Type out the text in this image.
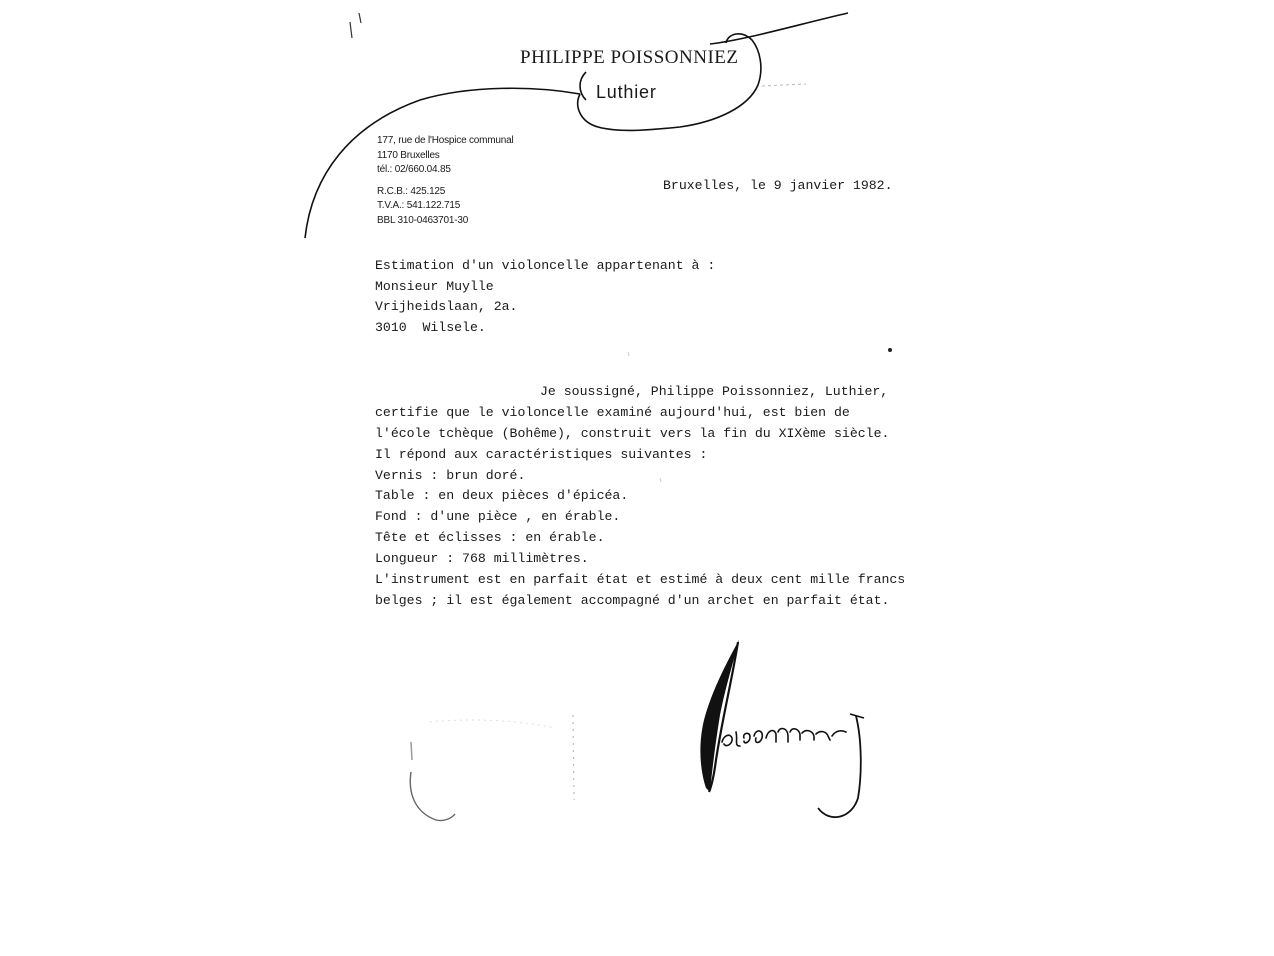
PHILIPPE POISSONNIEZ
Luthier
177, rue de l'Hospice communal
1170 Bruxelles
tél.: 02/660.04.85
R.C.B.: 425.125
T.V.A.: 541.122.715
BBL 310-0463701-30
Bruxelles, le 9 janvier 1982.
Estimation d'un violoncelle appartenant à :
Monsieur Muylle
Vrijheidslaan, 2a.
3010  Wilsele.
Je soussigné, Philippe Poissonniez, Luthier,
certifie que le violoncelle examiné aujourd'hui, est bien de
l'école tchèque (Bohême), construit vers la fin du XIXème siècle.
Il répond aux caractéristiques suivantes :
Vernis : brun doré.
Table : en deux pièces d'épicéa.
Fond : d'une pièce , en érable.
Tête et éclisses : en érable.
Longueur : 768 millimètres.
L'instrument est en parfait état et estimé à deux cent mille francs
belges ; il est également accompagné d'un archet en parfait état.
